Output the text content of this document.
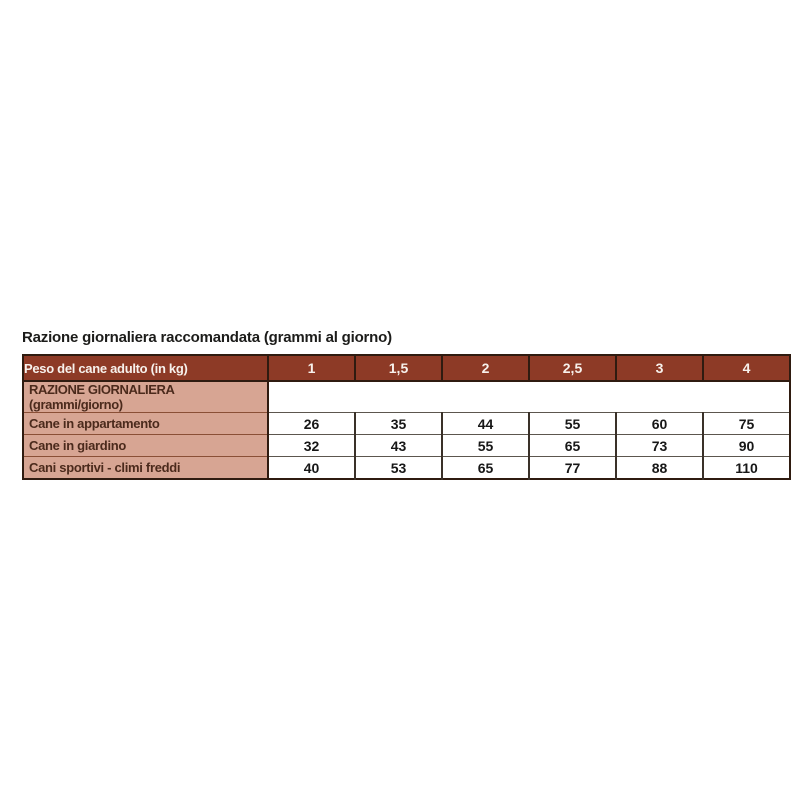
Razione giornaliera raccomandata (grammi al giorno)

Peso del cane adulto (in kg)	1	1,5	2	2,5	3	4
RAZIONE GIORNALIERA (grammi/giorno)						
Cane in appartamento	26	35	44	55	60	75
Cane in giardino	32	43	55	65	73	90
Cani sportivi - climi freddi	40	53	65	77	88	110
